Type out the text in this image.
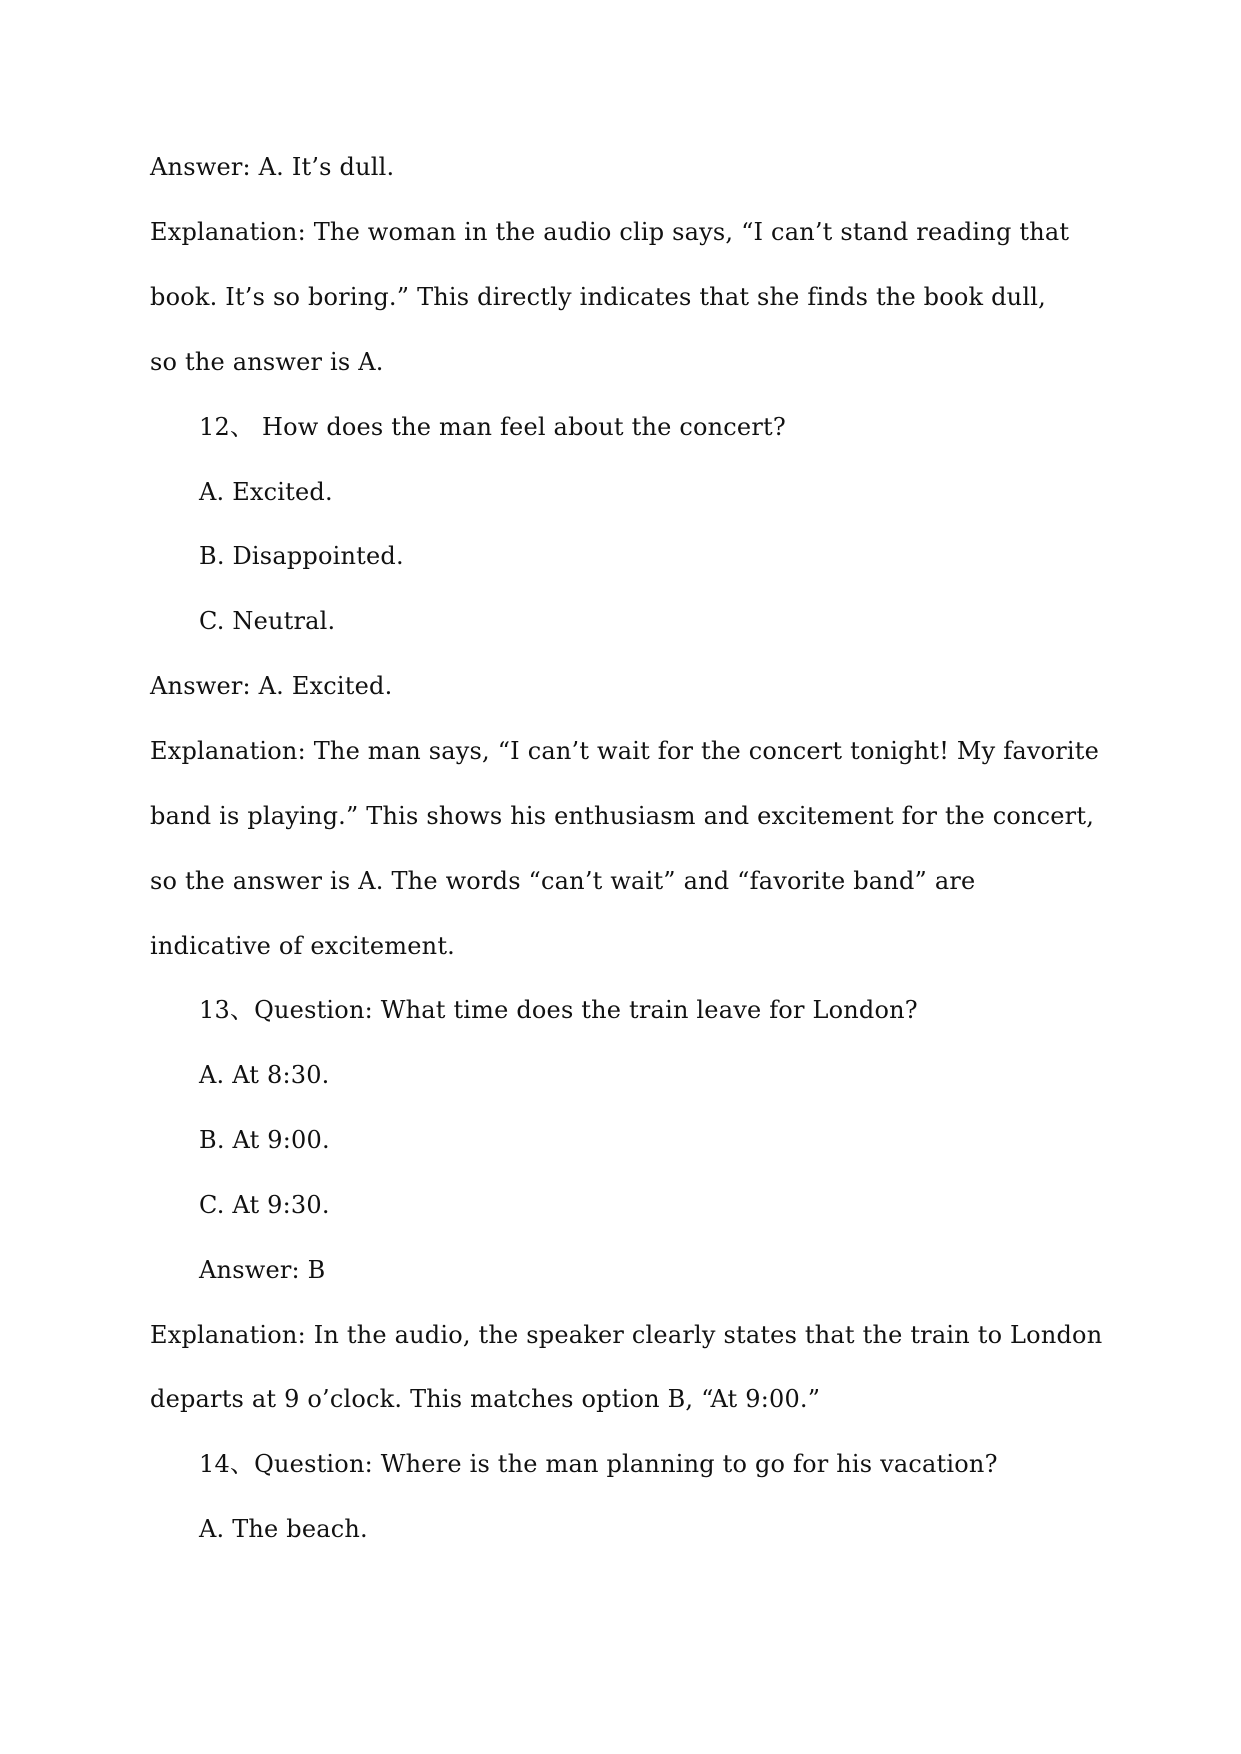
Answer: A. It’s dull.
Explanation: The woman in the audio clip says, “I can’t stand reading that
book. It’s so boring.” This directly indicates that she finds the book dull,
so the answer is A.
12、 How does the man feel about the concert?
A. Excited.
B. Disappointed.
C. Neutral.
Answer: A. Excited.
Explanation: The man says, “I can’t wait for the concert tonight! My favorite
band is playing.” This shows his enthusiasm and excitement for the concert,
so the answer is A. The words “can’t wait” and “favorite band” are
indicative of excitement.
13、Question: What time does the train leave for London?
A. At 8:30.
B. At 9:00.
C. At 9:30.
Answer: B
Explanation: In the audio, the speaker clearly states that the train to London
departs at 9 o’clock. This matches option B, “At 9:00.”
14、Question: Where is the man planning to go for his vacation?
A. The beach.
